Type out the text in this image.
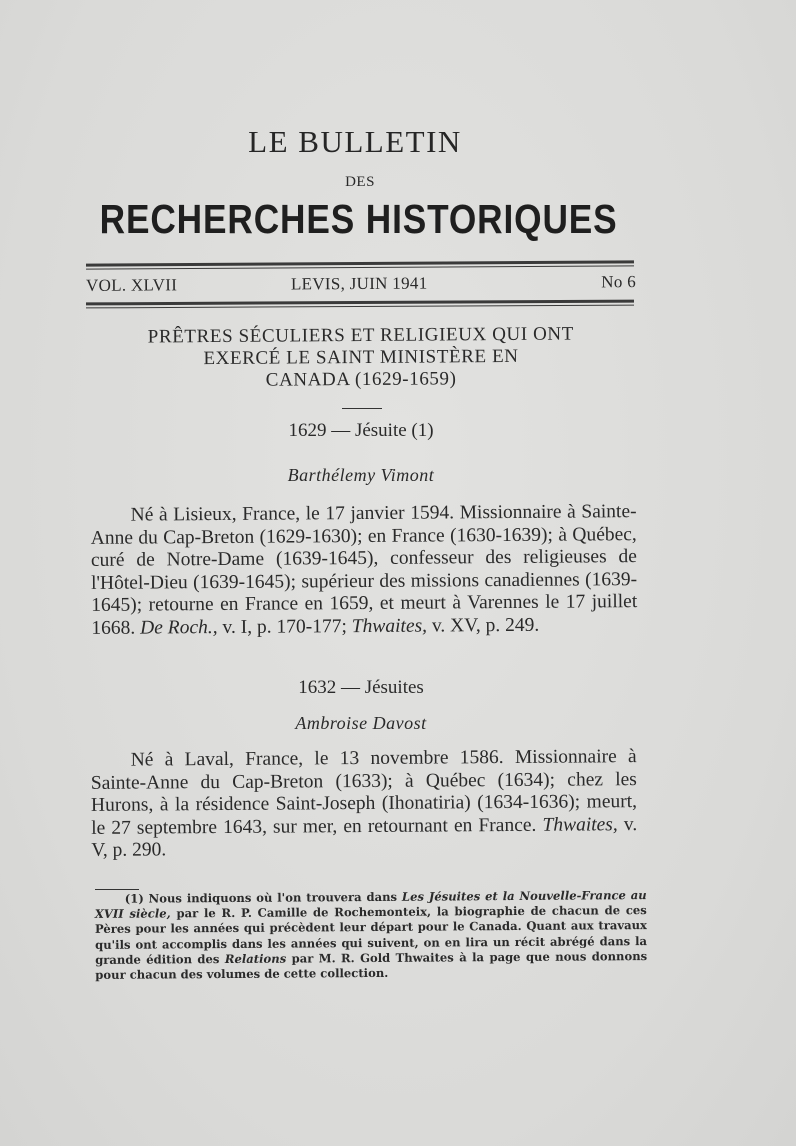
LE BULLETIN
DES
RECHERCHES HISTORIQUES
VOL. XLVII	LEVIS, JUIN 1941	No 6
PRÊTRES SÉCULIERS ET RELIGIEUX QUI ONT
EXERCÉ LE SAINT MINISTÈRE EN
CANADA (1629-1659)
1629 — Jésuite (1)
Barthélemy Vimont
Né à Lisieux, France, le 17 janvier 1594. Missionnaire à Sainte-Anne du Cap-Breton (1629-1630); en France (1630-1639); à Québec, curé de Notre-Dame (1639-1645), confesseur des religieuses de l'Hôtel-Dieu (1639-1645); supérieur des missions canadiennes (1639-1645); retourne en France en 1659, et meurt à Varennes le 17 juillet 1668. De Roch., v. I, p. 170-177; Thwaites, v. XV, p. 249.
1632 — Jésuites
Ambroise Davost
Né à Laval, France, le 13 novembre 1586. Missionnaire à Sainte-Anne du Cap-Breton (1633); à Québec (1634); chez les Hurons, à la résidence Saint-Joseph (Ihonatiria) (1634-1636); meurt, le 27 septembre 1643, sur mer, en retournant en France. Thwaites, v. V, p. 290.
(1) Nous indiquons où l'on trouvera dans Les Jésuites et la Nouvelle-France au XVII siècle, par le R. P. Camille de Rochemonteix, la biographie de chacun de ces Pères pour les années qui précèdent leur départ pour le Canada. Quant aux travaux qu'ils ont accomplis dans les années qui suivent, on en lira un récit abrégé dans la grande édition des Relations par M. R. Gold Thwaites à la page que nous donnons pour chacun des volumes de cette collection.
